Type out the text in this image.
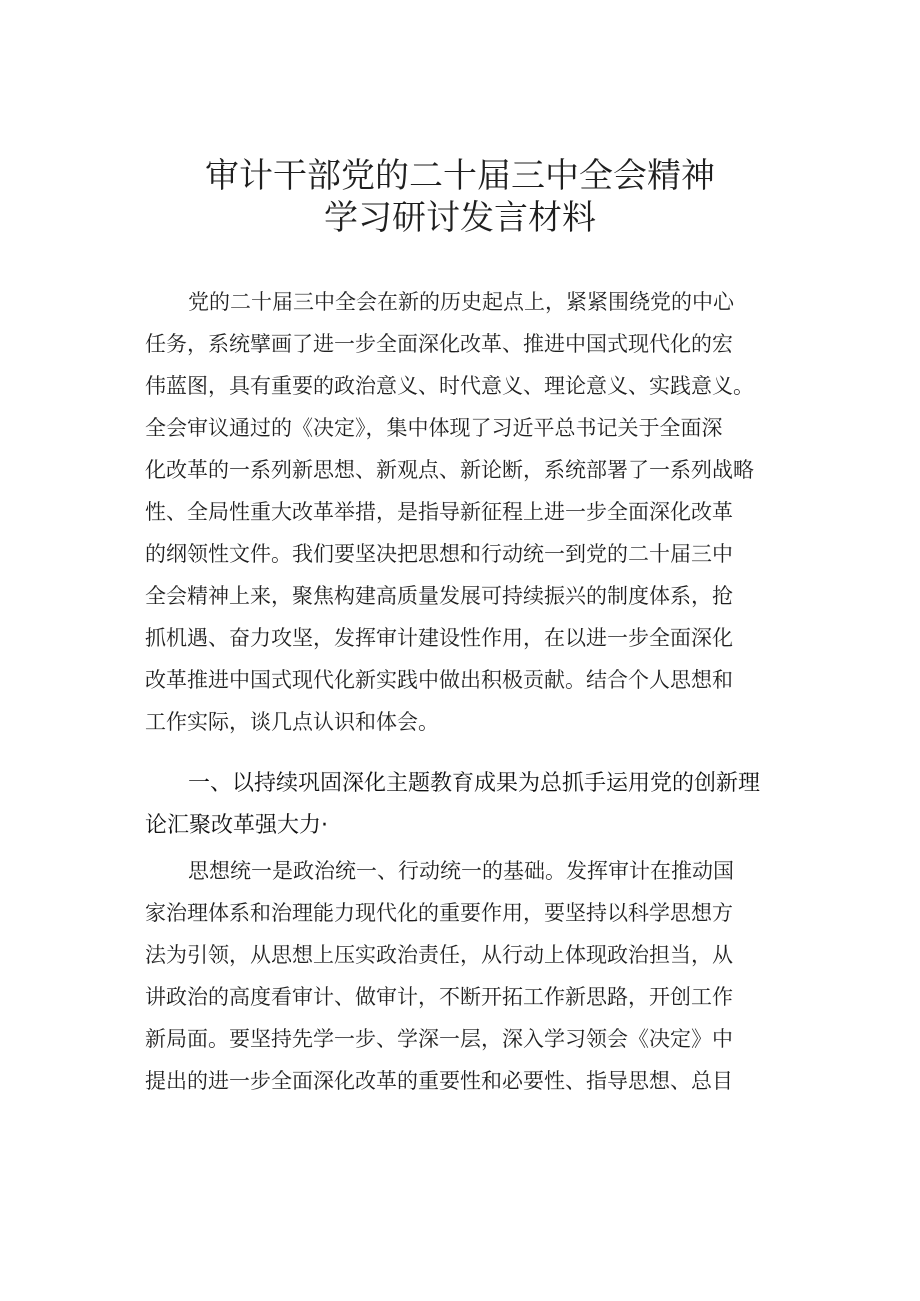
审计干部党的二十届三中全会精神
学习研讨发言材料
党的二十届三中全会在新的历史起点上，紧紧围绕党的中心
任务，系统擘画了进一步全面深化改革、推进中国式现代化的宏
伟蓝图，具有重要的政治意义、时代意义、理论意义、实践意义。
全会审议通过的《决定》，集中体现了习近平总书记关于全面深
化改革的一系列新思想、新观点、新论断，系统部署了一系列战略
性、全局性重大改革举措，是指导新征程上进一步全面深化改革
的纲领性文件。我们要坚决把思想和行动统一到党的二十届三中
全会精神上来，聚焦构建高质量发展可持续振兴的制度体系，抢
抓机遇、奋力攻坚，发挥审计建设性作用，在以进一步全面深化
改革推进中国式现代化新实践中做出积极贡献。结合个人思想和
工作实际，谈几点认识和体会。
一、以持续巩固深化主题教育成果为总抓手运用党的创新理
论汇聚改革强大力·
思想统一是政治统一、行动统一的基础。发挥审计在推动国
家治理体系和治理能力现代化的重要作用，要坚持以科学思想方
法为引领，从思想上压实政治责任，从行动上体现政治担当，从
讲政治的高度看审计、做审计，不断开拓工作新思路，开创工作
新局面。要坚持先学一步、学深一层，深入学习领会《决定》中
提出的进一步全面深化改革的重要性和必要性、指导思想、总目
